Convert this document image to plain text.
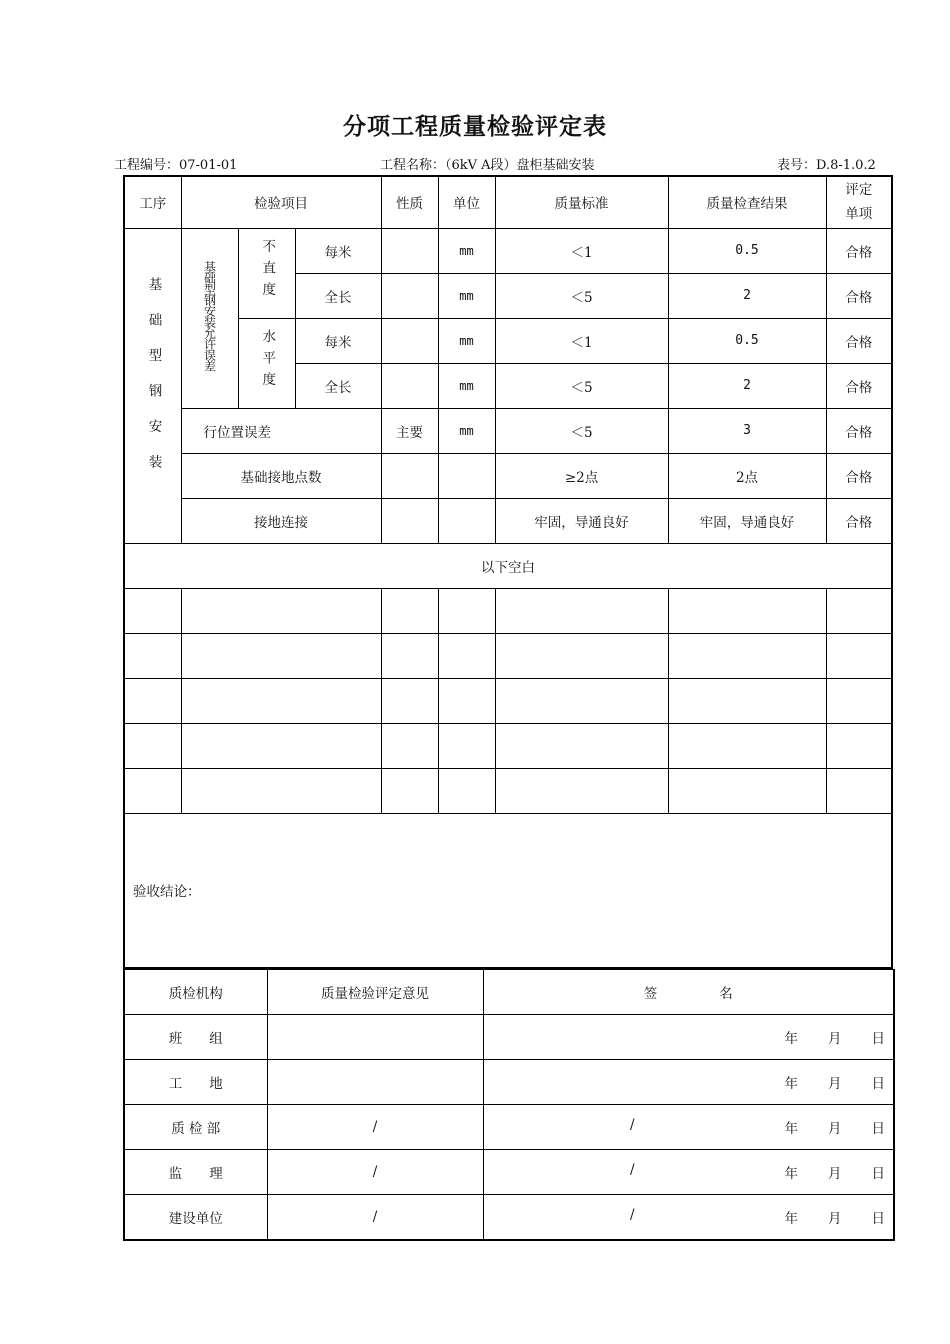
分项工程质量检验评定表
工程编号：07-01-01	工程名称：（6kV A段）盘柜基础安装	表号：D.8-1.0.2
工序	检验项目			性质	单位	质量标准	质量检查结果	评定
单项
基础型钢安装	基础型钢安装允许误差	不直度	每米		mm	＜1	0.5	合格
			全长		mm	＜5	2	合格
		水平度	每米		mm	＜1	0.5	合格
			全长		mm	＜5	2	合格
	行位置误差			主要	mm	＜5	3	合格
	基础接地点数					≥2点	2点	合格
	接地连接					牢固，导通良好	牢固，导通良好	合格
以下空白								

验收结论：								
质检机构	质量检验评定意见	签 名
班　　组		年 月 日

工　　地		年 月 日

质 检 部	/	/ 年 月 日

监　　理	/	/ 年 月 日

建设单位	/	/ 年 月 日
